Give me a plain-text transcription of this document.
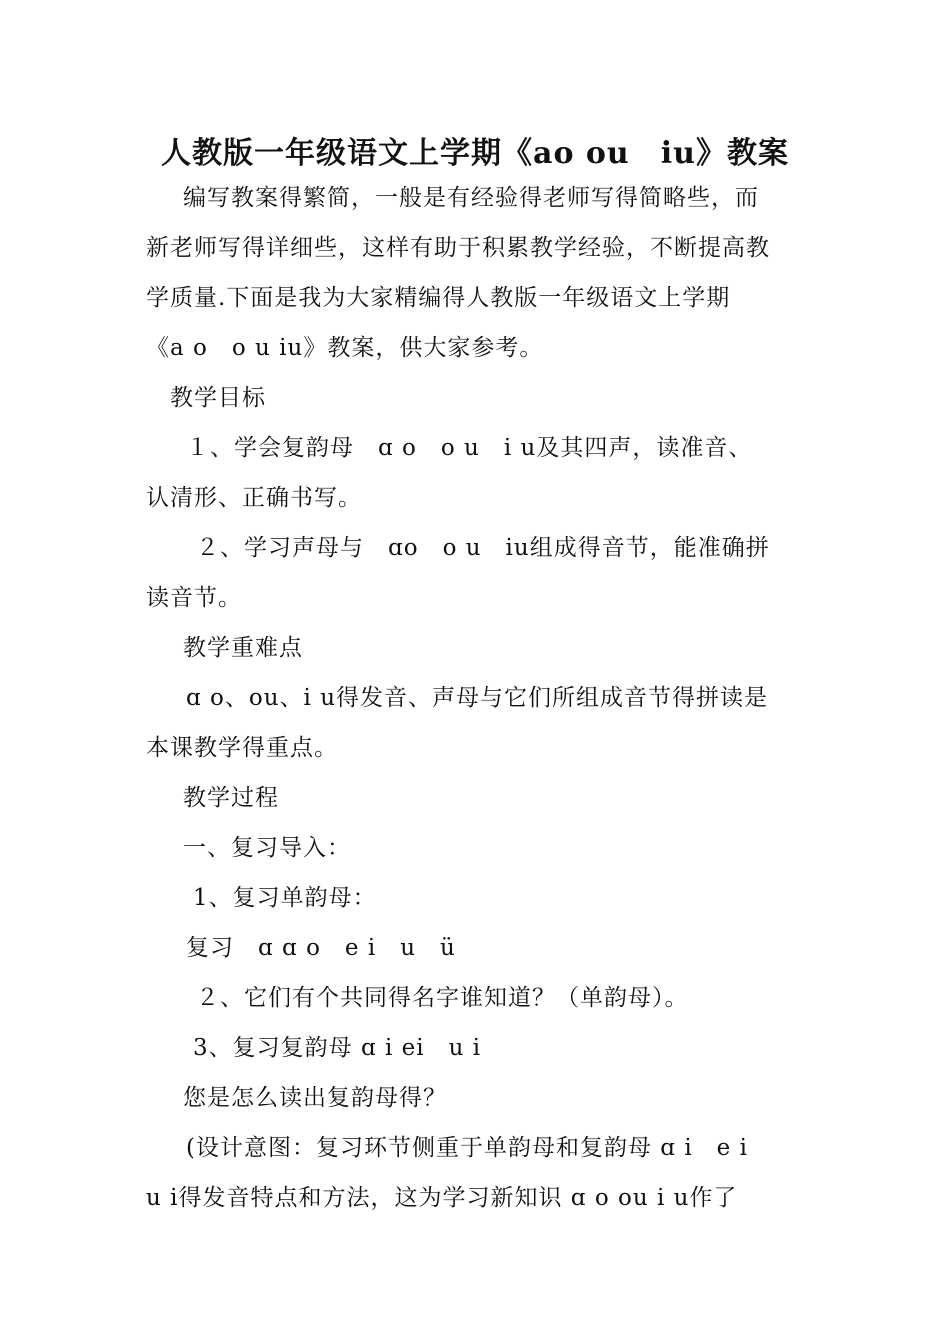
人教版一年级语文上学期《ao ou　iu》教案
编写教案得繁简，一般是有经验得老师写得简略些，而
新老师写得详细些，这样有助于积累教学经验，不断提高教
学质量.下面是我为大家精编得人教版一年级语文上学期
《a o　o u iu》教案，供大家参考。
教学目标
１、学会复韵母　ɑ o　o u　i u及其四声，读准音、
认清形、正确书写。
２、学习声母与　ɑo　o u　iu组成得音节，能准确拼
读音节。
教学重难点
ɑ o、ou、i u得发音、声母与它们所组成音节得拼读是
本课教学得重点。
教学过程
一、复习导入：
1、复习单韵母：
复习　ɑ ɑ o　e i　u　ü
２、它们有个共同得名字谁知道？（单韵母）。
3、复习复韵母 ɑ i ei　u i
您是怎么读出复韵母得？
(设计意图：复习环节侧重于单韵母和复韵母 ɑ i　e i
u i得发音特点和方法，这为学习新知识 ɑ o ou i u作了
